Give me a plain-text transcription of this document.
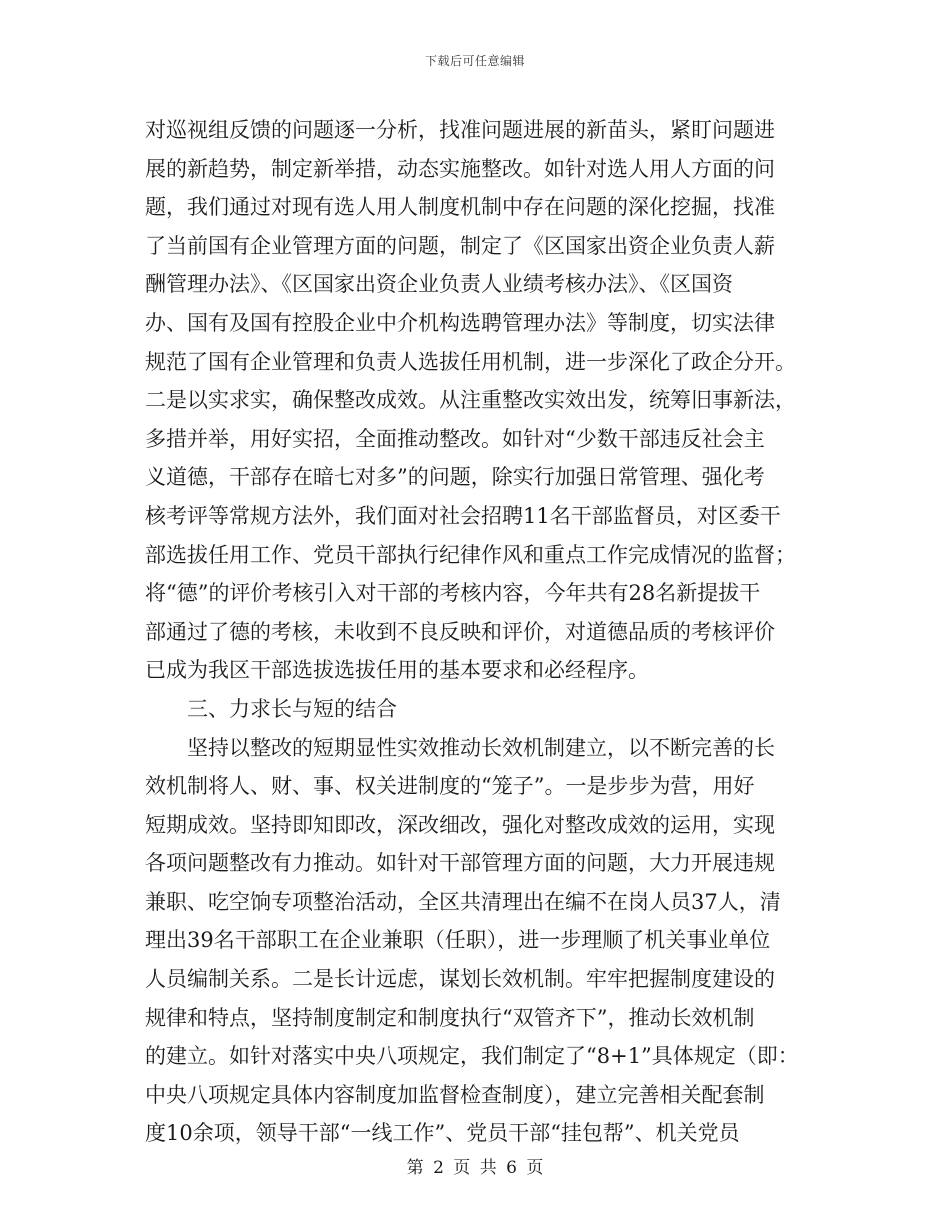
下载后可任意编辑
对巡视组反馈的问题逐一分析，找准问题进展的新苗头，紧盯问题进
展的新趋势，制定新举措，动态实施整改。如针对选人用人方面的问
题，我们通过对现有选人用人制度机制中存在问题的深化挖掘，找准
了当前国有企业管理方面的问题，制定了《区国家出资企业负责人薪
酬管理办法》、《区国家出资企业负责人业绩考核办法》、《区国资
办、国有及国有控股企业中介机构选聘管理办法》等制度，切实法律
规范了国有企业管理和负责人选拔任用机制，进一步深化了政企分开。
二是以实求实，确保整改成效。从注重整改实效出发，统筹旧事新法，
多措并举，用好实招，全面推动整改。如针对“少数干部违反社会主
义道德，干部存在暗七对多”的问题，除实行加强日常管理、强化考
核考评等常规方法外，我们面对社会招聘11名干部监督员，对区委干
部选拔任用工作、党员干部执行纪律作风和重点工作完成情况的监督；
将“德”的评价考核引入对干部的考核内容，今年共有28名新提拔干
部通过了德的考核，未收到不良反映和评价，对道德品质的考核评价
已成为我区干部选拔选拔任用的基本要求和必经程序。
三、力求长与短的结合
坚持以整改的短期显性实效推动长效机制建立，以不断完善的长
效机制将人、财、事、权关进制度的“笼子”。一是步步为营，用好
短期成效。坚持即知即改，深改细改，强化对整改成效的运用，实现
各项问题整改有力推动。如针对干部管理方面的问题，大力开展违规
兼职、吃空饷专项整治活动，全区共清理出在编不在岗人员37人，清
理出39名干部职工在企业兼职（任职），进一步理顺了机关事业单位
人员编制关系。二是长计远虑，谋划长效机制。牢牢把握制度建设的
规律和特点，坚持制度制定和制度执行“双管齐下”，推动长效机制
的建立。如针对落实中央八项规定，我们制定了“8+1”具体规定（即：
中央八项规定具体内容制度加监督检查制度），建立完善相关配套制
度10余项，领导干部“一线工作”、党员干部“挂包帮”、机关党员
第 2 页 共 6 页
